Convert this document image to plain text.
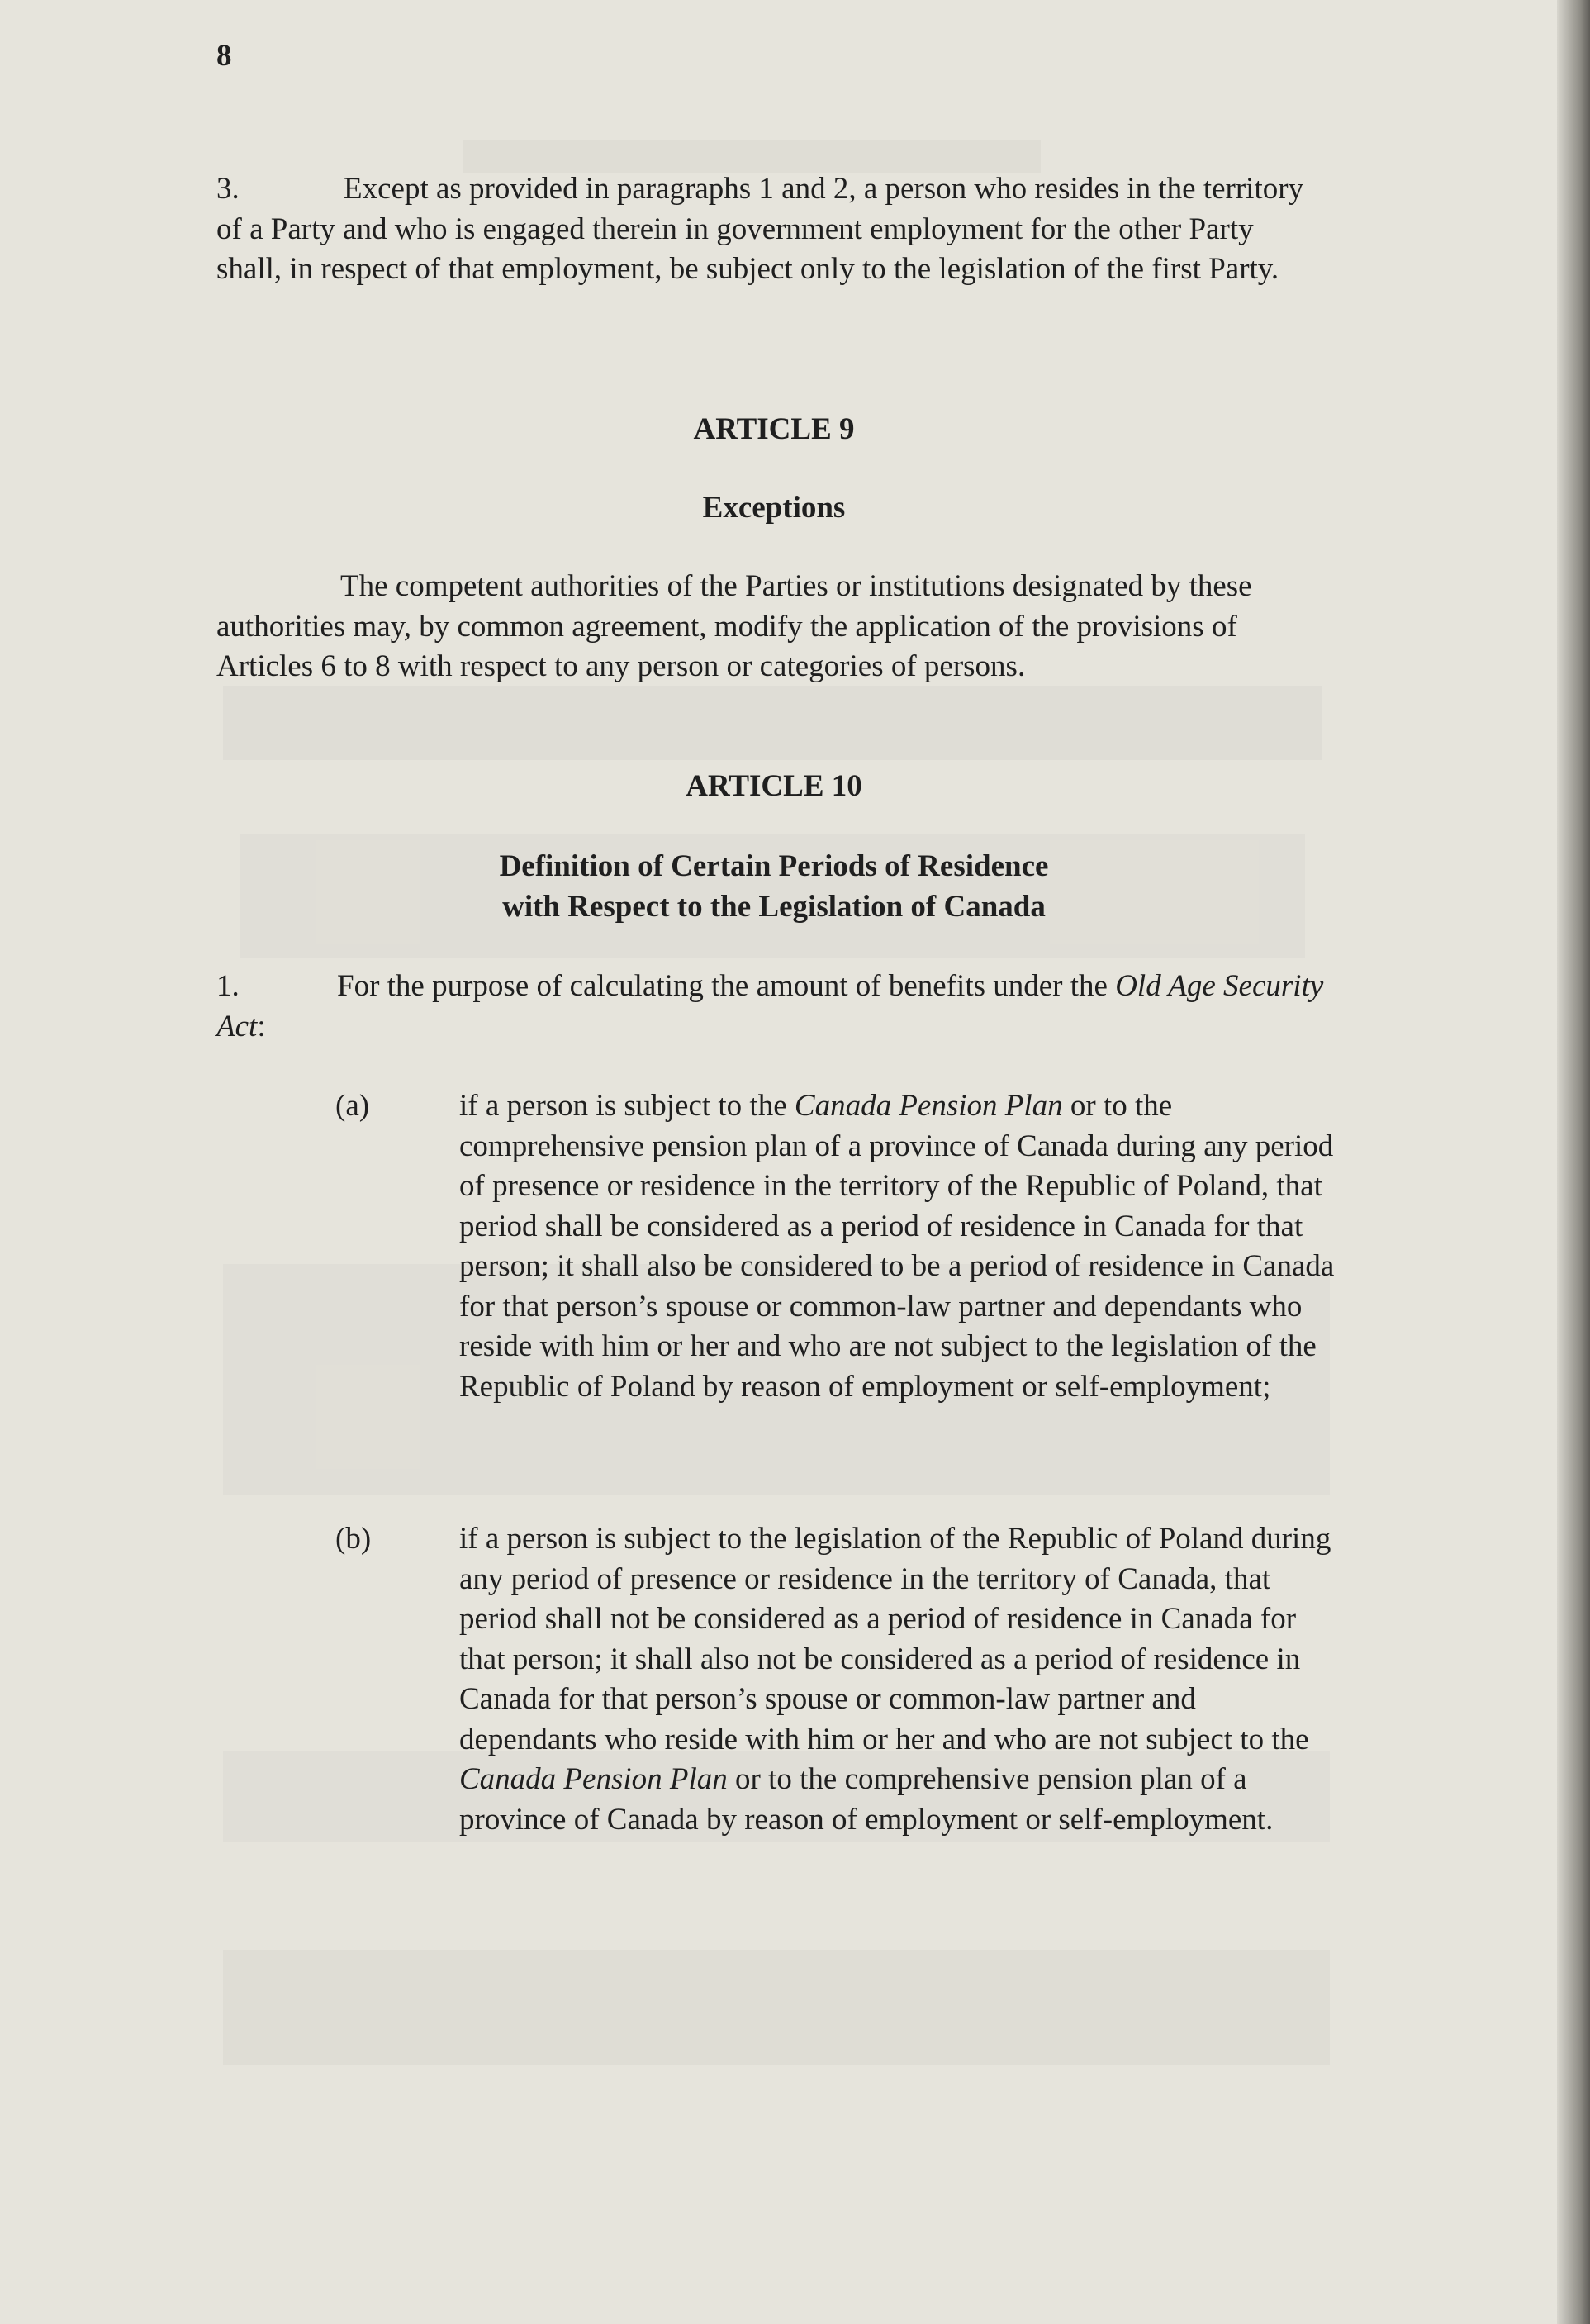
8
3.	Except as provided in paragraphs 1 and 2, a person who resides in the territory of a Party and who is engaged therein in government employment for the other Party shall, in respect of that employment, be subject only to the legislation of the first Party.
ARTICLE 9
Exceptions
The competent authorities of the Parties or institutions designated by these authorities may, by common agreement, modify the application of the provisions of Articles 6 to 8 with respect to any person or categories of persons.
ARTICLE 10
Definition of Certain Periods of Residence
with Respect to the Legislation of Canada
1.	For the purpose of calculating the amount of benefits under the Old Age Security Act:
(a)	if a person is subject to the Canada Pension Plan or to the comprehensive pension plan of a province of Canada during any period of presence or residence in the territory of the Republic of Poland, that period shall be considered as a period of residence in Canada for that person; it shall also be considered to be a period of residence in Canada for that person’s spouse or common-law partner and dependants who reside with him or her and who are not subject to the legislation of the Republic of Poland by reason of employment or self-employment;
(b)	if a person is subject to the legislation of the Republic of Poland during any period of presence or residence in the territory of Canada, that period shall not be considered as a period of residence in Canada for that person; it shall also not be considered as a period of residence in Canada for that person’s spouse or common-law partner and dependants who reside with him or her and who are not subject to the Canada Pension Plan or to the comprehensive pension plan of a province of Canada by reason of employment or self-employment.
